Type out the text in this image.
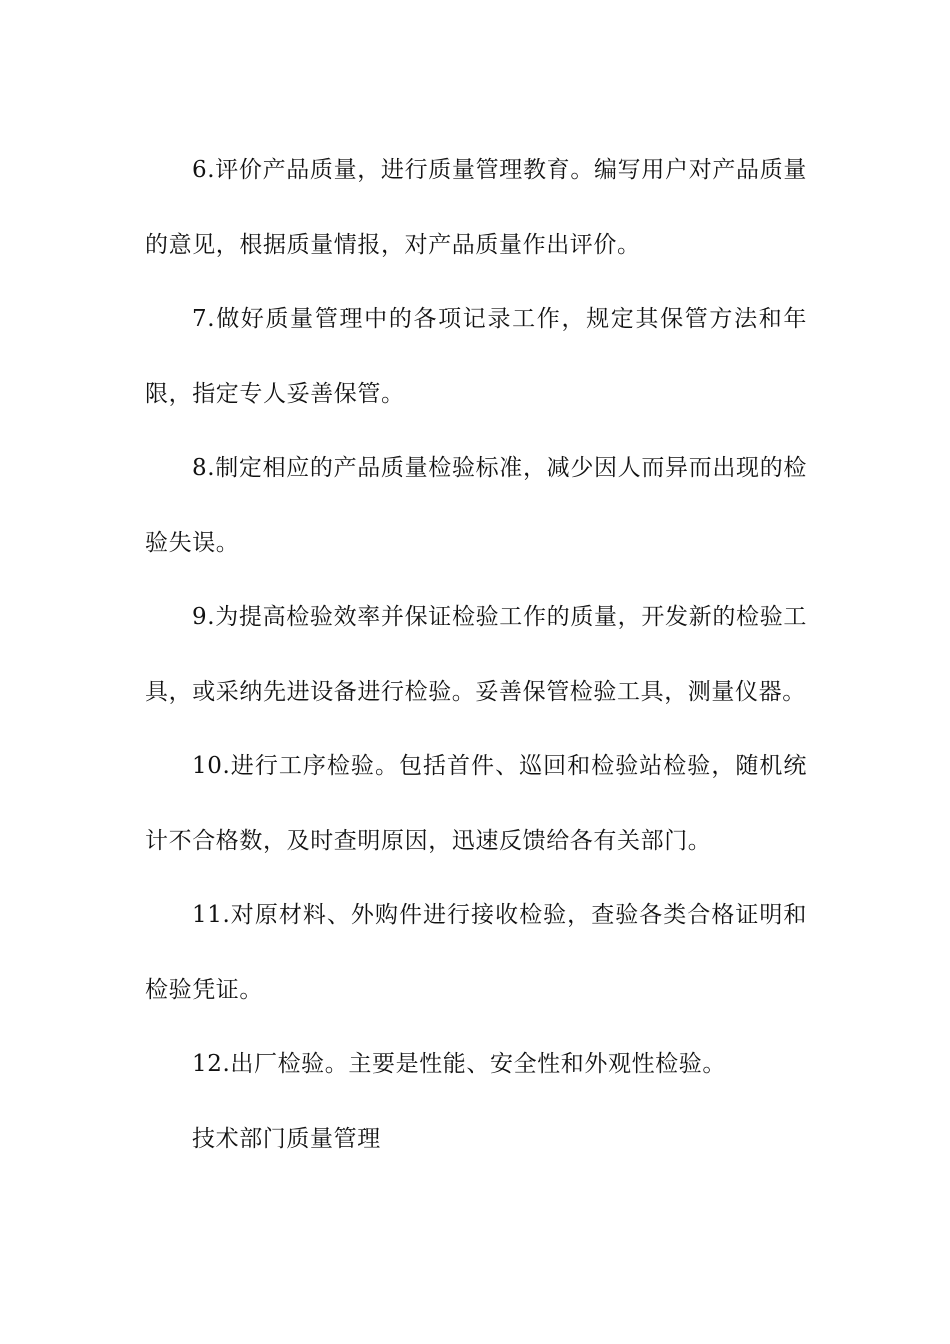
6.评价产品质量，进行质量管理教育。编写用户对产品质量的意见，根据质量情报，对产品质量作出评价。

7.做好质量管理中的各项记录工作，规定其保管方法和年限，指定专人妥善保管。

8.制定相应的产品质量检验标准，减少因人而异而出现的检验失误。

9.为提高检验效率并保证检验工作的质量，开发新的检验工具，或采纳先进设备进行检验。妥善保管检验工具，测量仪器。

10.进行工序检验。包括首件、巡回和检验站检验，随机统计不合格数，及时查明原因，迅速反馈给各有关部门。

11.对原材料、外购件进行接收检验，查验各类合格证明和检验凭证。

12.出厂检验。主要是性能、安全性和外观性检验。

技术部门质量管理
